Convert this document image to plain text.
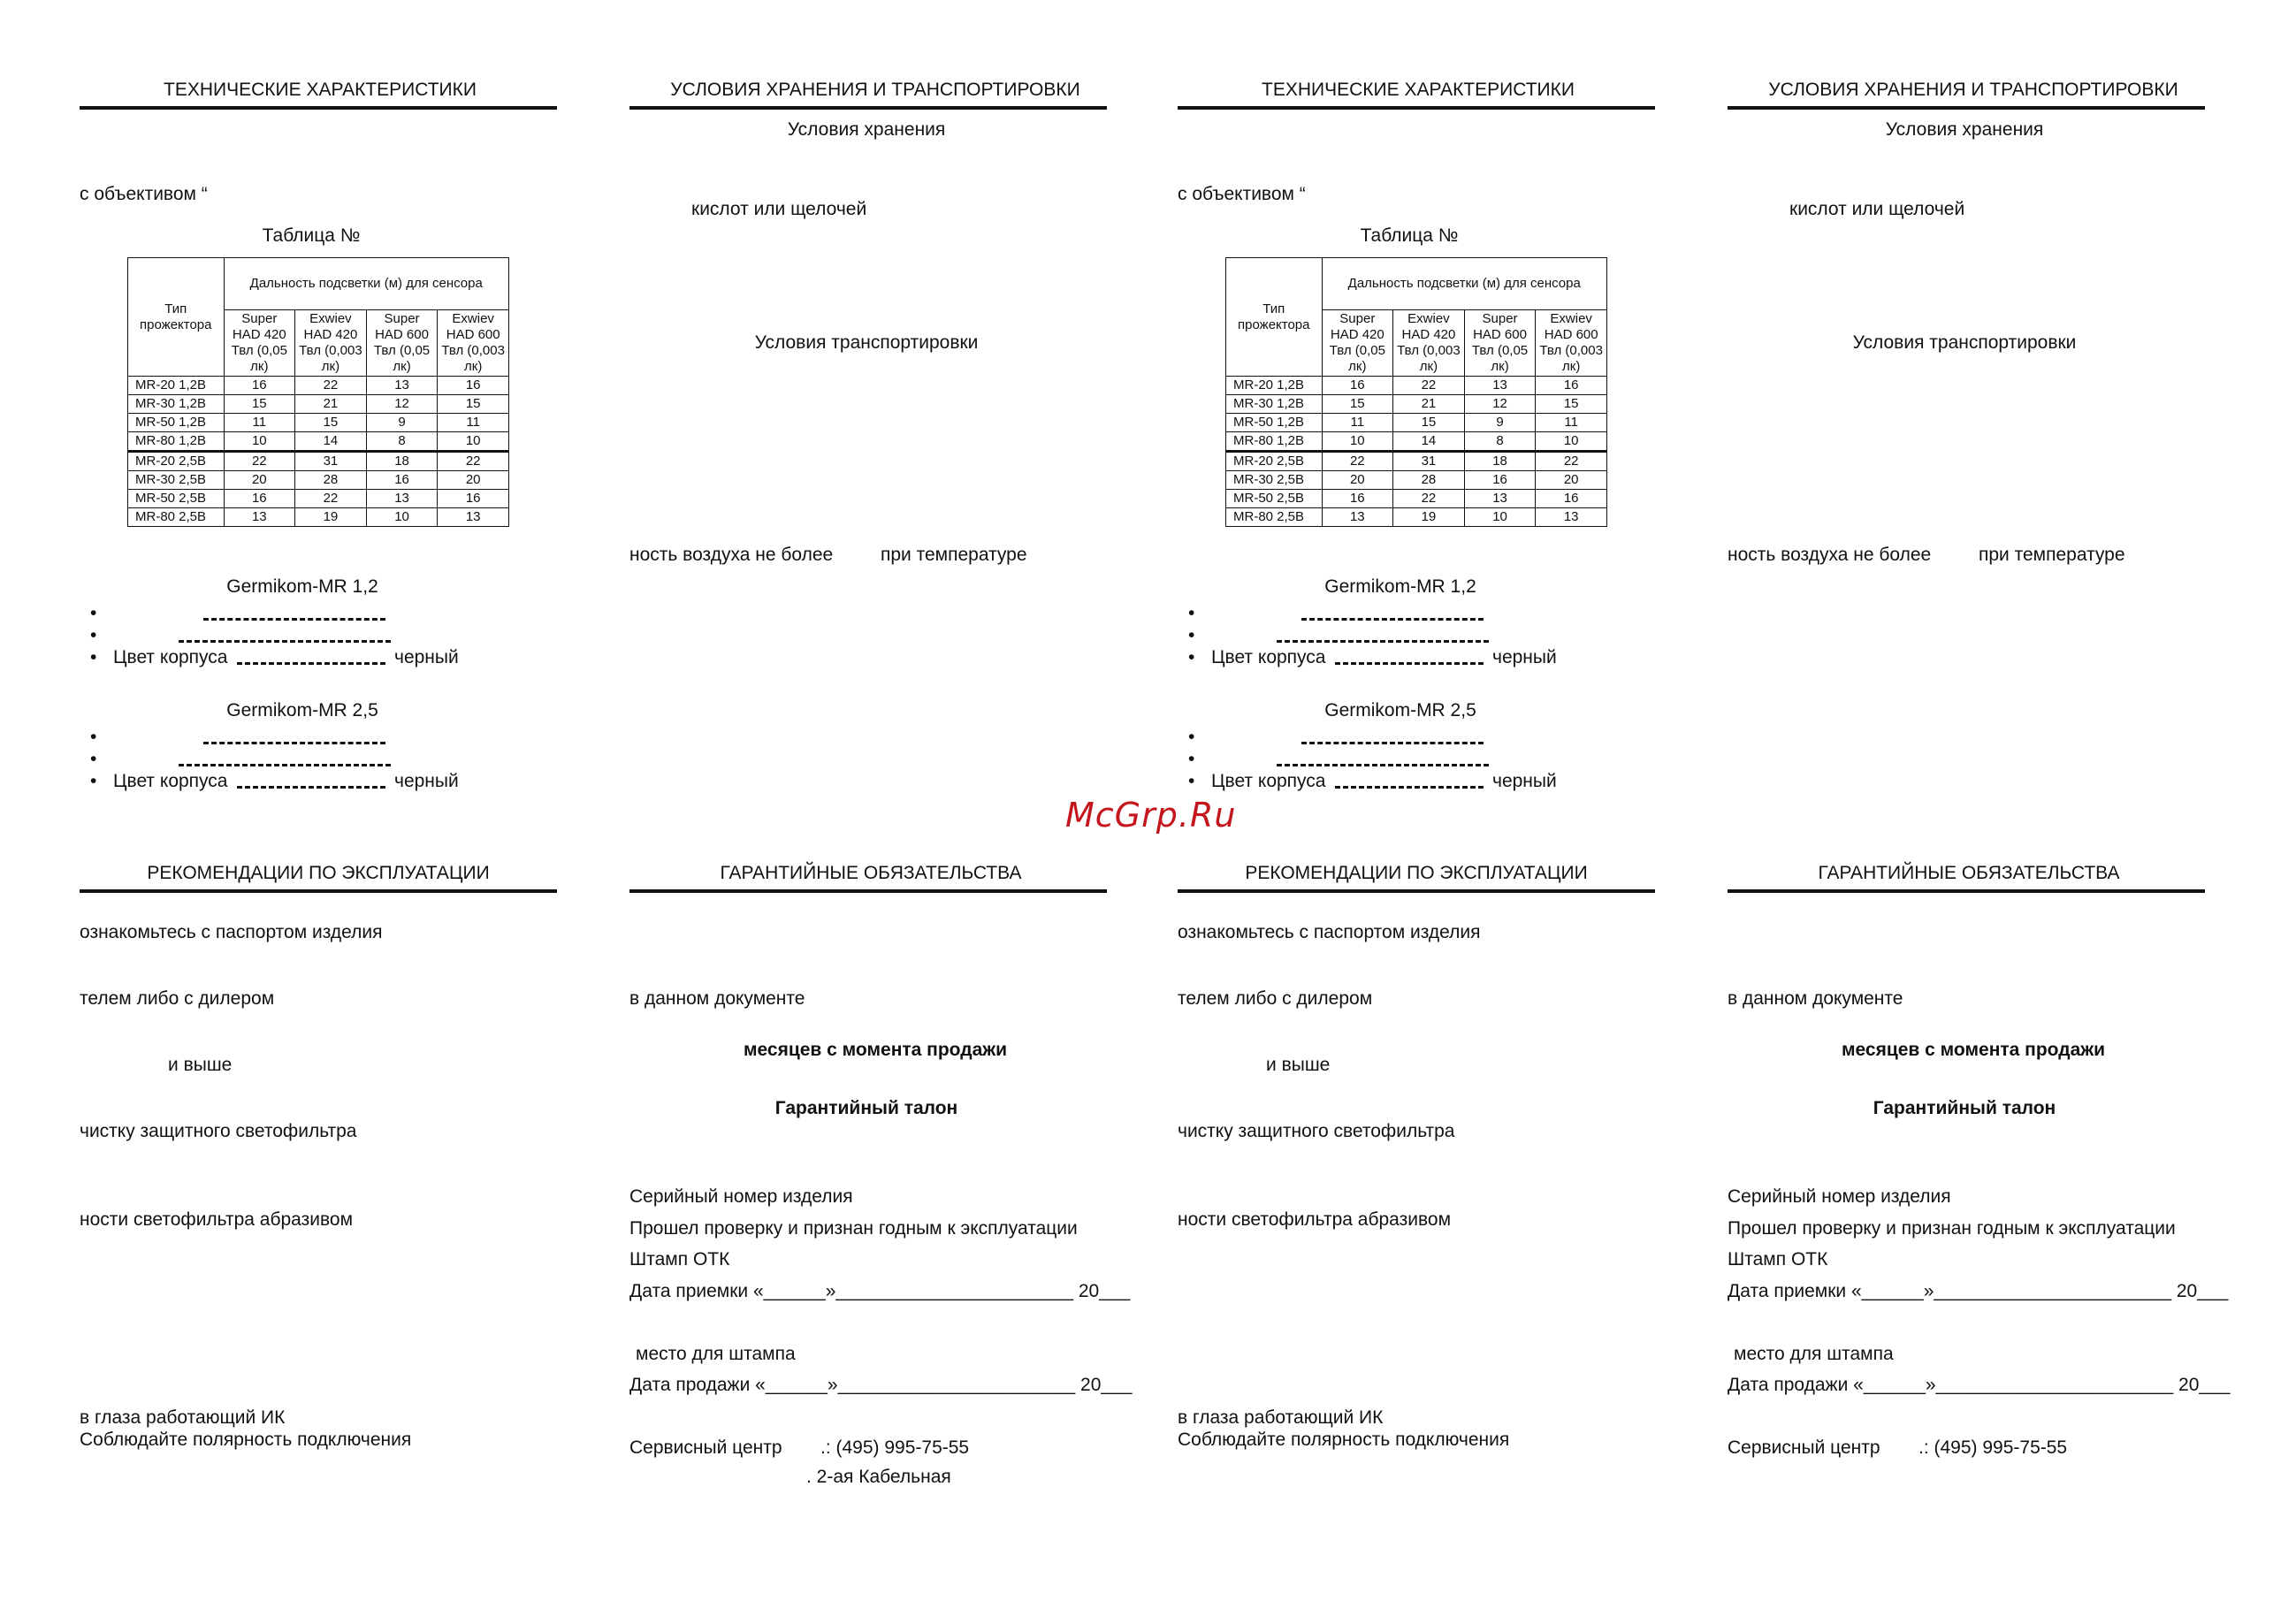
ТЕХНИЧЕСКИЕ ХАРАКТЕРИСТИКИ
с объективом “
Таблица №
Тип прожектора	Дальность подсветки (м) для сенсора			
	Super HAD 420 Твл (0,05 лк)	Exwiev HAD 420 Твл (0,003 лк)	Super HAD 600 Твл (0,05 лк)	Exwiev HAD 600 Твл (0,003 лк)
MR-20 1,2В	16	22	13	16
MR-30 1,2В	15	21	12	15
MR-50 1,2В	11	15	9	11
MR-80 1,2В	10	14	8	10
MR-20 2,5В	22	31	18	22
MR-30 2,5В	20	28	16	20
MR-50 2,5В	16	22	13	16
MR-80 2,5В	13	19	10	13
Germikom-MR 1,2
•
•
• Цвет корпуса	черный
Germikom-MR 2,5
•
•
• Цвет корпуса	черный
УСЛОВИЯ ХРАНЕНИЯ И ТРАНСПОРТИРОВКИ
Условия хранения
кислот или щелочей
Условия транспортировки
ность воздуха не более	при температуре
РЕКОМЕНДАЦИИ ПО ЭКСПЛУАТАЦИИ
ознакомьтесь с паспортом изделия
телем либо с дилером
и выше
чистку защитного светофильтра
ности светофильтра абразивом
в глаза работающий ИК
Соблюдайте полярность подключения
ГАРАНТИЙНЫЕ ОБЯЗАТЕЛЬСТВА
в данном документе
месяцев с момента продажи
Гарантийный талон
Серийный номер изделия
Прошел проверку и признан годным к эксплуатации
Штамп ОТК
Дата приемки «______»_______________________ 20___
место для штампа
Дата продажи «______»_______________________ 20___
Сервисный центр .: (495) 995-75-55
. 2-ая Кабельная
ТЕХНИЧЕСКИЕ ХАРАКТЕРИСТИКИ
с объективом “
Таблица №
Тип прожектора	Дальность подсветки (м) для сенсора			
	Super HAD 420 Твл (0,05 лк)	Exwiev HAD 420 Твл (0,003 лк)	Super HAD 600 Твл (0,05 лк)	Exwiev HAD 600 Твл (0,003 лк)
MR-20 1,2В	16	22	13	16
MR-30 1,2В	15	21	12	15
MR-50 1,2В	11	15	9	11
MR-80 1,2В	10	14	8	10
MR-20 2,5В	22	31	18	22
MR-30 2,5В	20	28	16	20
MR-50 2,5В	16	22	13	16
MR-80 2,5В	13	19	10	13
Germikom-MR 1,2
•
•
• Цвет корпуса	черный
Germikom-MR 2,5
•
•
• Цвет корпуса	черный
УСЛОВИЯ ХРАНЕНИЯ И ТРАНСПОРТИРОВКИ
Условия хранения
кислот или щелочей
Условия транспортировки
ность воздуха не более	при температуре
РЕКОМЕНДАЦИИ ПО ЭКСПЛУАТАЦИИ
ознакомьтесь с паспортом изделия
телем либо с дилером
и выше
чистку защитного светофильтра
ности светофильтра абразивом
в глаза работающий ИК
Соблюдайте полярность подключения
ГАРАНТИЙНЫЕ ОБЯЗАТЕЛЬСТВА
в данном документе
месяцев с момента продажи
Гарантийный талон
Серийный номер изделия
Прошел проверку и признан годным к эксплуатации
Штамп ОТК
Дата приемки «______»_______________________ 20___
место для штампа
Дата продажи «______»_______________________ 20___
Сервисный центр .: (495) 995-75-55
McGrp.Ru
